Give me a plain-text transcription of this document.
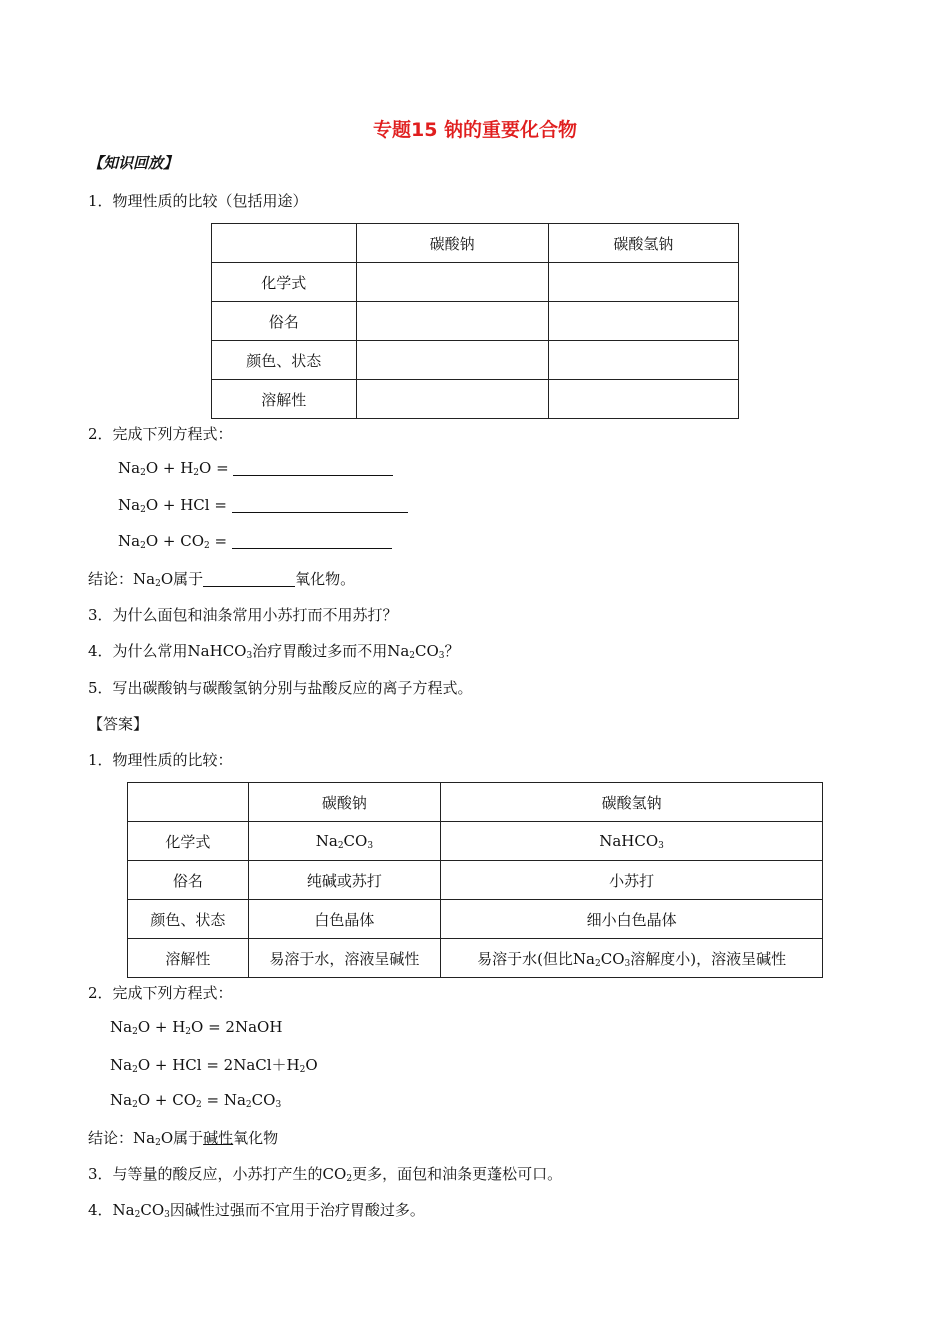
专题15 钠的重要化合物
【知识回放】
1．物理性质的比较（包括用途）
	碳酸钠	碳酸氢钠
化学式		
俗名		
颜色、状态		
溶解性		
2．完成下列方程式：
$Na_2O + H_2O$ =
$Na_2O$ + HCl =
$Na_2O + CO_2$ =
结论：$Na_2O$属于	氧化物。
3．为什么面包和油条常用小苏打而不用苏打？
4．为什么常用NaHCO$_3$治疗胃酸过多而不用$Na_2CO_3$？
5．写出碳酸钠与碳酸氢钠分别与盐酸反应的离子方程式。
【答案】
1．物理性质的比较：
	碳酸钠	碳酸氢钠
化学式	$Na_2CO_3$	NaHCO$_3$
俗名	纯碱或苏打	小苏打
颜色、状态	白色晶体	细小白色晶体
溶解性	易溶于水，溶液呈碱性	易溶于水(但比$Na_2CO_3$溶解度小)，溶液呈碱性
2．完成下列方程式：
$Na_2O + H_2O$ = 2NaOH
$Na_2O$ + HCl = $2NaCl+H_2O$
$Na_2O + CO_2 = Na_2CO_3$
结论：$Na_2O$属于碱性氧化物
3．与等量的酸反应，小苏打产生的$CO_2$更多，面包和油条更蓬松可口。
4．$Na_2CO_3$因碱性过强而不宜用于治疗胃酸过多。
